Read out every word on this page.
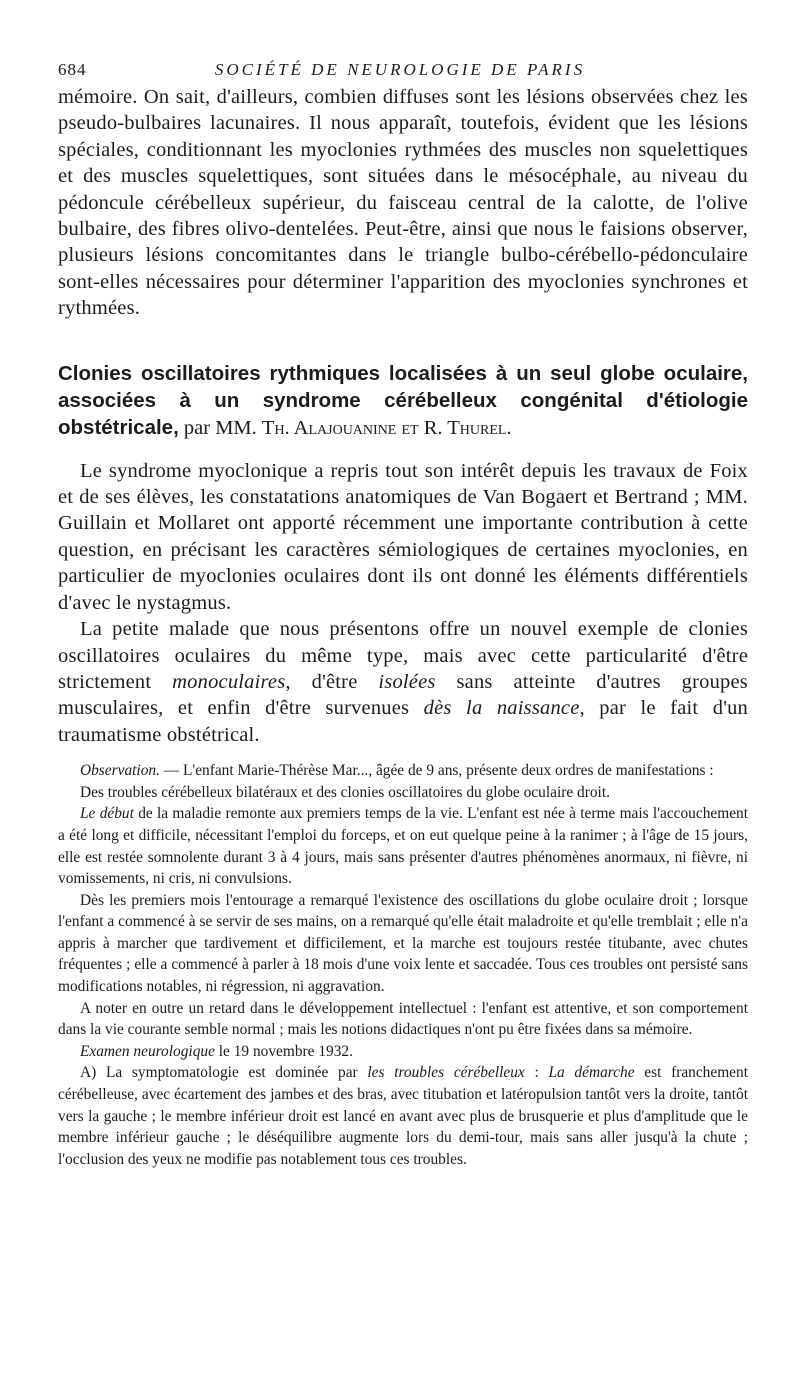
684	SOCIÉTÉ DE NEUROLOGIE DE PARIS

mémoire. On sait, d'ailleurs, combien diffuses sont les lésions observées chez les pseudo-bulbaires lacunaires. Il nous apparaît, toutefois, évident que les lésions spéciales, conditionnant les myoclonies rythmées des muscles non squelettiques et des muscles squelettiques, sont situées dans le mésocéphale, au niveau du pédoncule cérébelleux supérieur, du faisceau central de la calotte, de l'olive bulbaire, des fibres olivo-dentelées. Peut-être, ainsi que nous le faisions observer, plusieurs lésions concomitantes dans le triangle bulbo-cérébello-pédonculaire sont-elles nécessaires pour déterminer l'apparition des myoclonies synchrones et rythmées.

Clonies oscillatoires rythmiques localisées à un seul globe oculaire, associées à un syndrome cérébelleux congénital d'étiologie obstétricale, par MM. Th. Alajouanine et R. Thurel.

Le syndrome myoclonique a repris tout son intérêt depuis les travaux de Foix et de ses élèves, les constatations anatomiques de Van Bogaert et Bertrand ; MM. Guillain et Mollaret ont apporté récemment une importante contribution à cette question, en précisant les caractères sémiologiques de certaines myoclonies, en particulier de myoclonies oculaires dont ils ont donné les éléments différentiels d'avec le nystagmus.

La petite malade que nous présentons offre un nouvel exemple de clonies oscillatoires oculaires du même type, mais avec cette particularité d'être strictement monoculaires, d'être isolées sans atteinte d'autres groupes musculaires, et enfin d'être survenues dès la naissance, par le fait d'un traumatisme obstétrical.

Observation. — L'enfant Marie-Thérèse Mar..., âgée de 9 ans, présente deux ordres de manifestations :

Des troubles cérébelleux bilatéraux et des clonies oscillatoires du globe oculaire droit.

Le début de la maladie remonte aux premiers temps de la vie. L'enfant est née à terme mais l'accouchement a été long et difficile, nécessitant l'emploi du forceps, et on eut quelque peine à la ranimer ; à l'âge de 15 jours, elle est restée somnolente durant 3 à 4 jours, mais sans présenter d'autres phénomènes anormaux, ni fièvre, ni vomissements, ni cris, ni convulsions.

Dès les premiers mois l'entourage a remarqué l'existence des oscillations du globe oculaire droit ; lorsque l'enfant a commencé à se servir de ses mains, on a remarqué qu'elle était maladroite et qu'elle tremblait ; elle n'a appris à marcher que tardivement et difficilement, et la marche est toujours restée titubante, avec chutes fréquentes ; elle a commencé à parler à 18 mois d'une voix lente et saccadée. Tous ces troubles ont persisté sans modifications notables, ni régression, ni aggravation.

A noter en outre un retard dans le développement intellectuel : l'enfant est attentive, et son comportement dans la vie courante semble normal ; mais les notions didactiques n'ont pu être fixées dans sa mémoire.

Examen neurologique le 19 novembre 1932.

A) La symptomatologie est dominée par les troubles cérébelleux : La démarche est franchement cérébelleuse, avec écartement des jambes et des bras, avec titubation et latéropulsion tantôt vers la droite, tantôt vers la gauche ; le membre inférieur droit est lancé en avant avec plus de brusquerie et plus d'amplitude que le membre inférieur gauche ; le déséquilibre augmente lors du demi-tour, mais sans aller jusqu'à la chute ; l'occlusion des yeux ne modifie pas notablement tous ces troubles.
